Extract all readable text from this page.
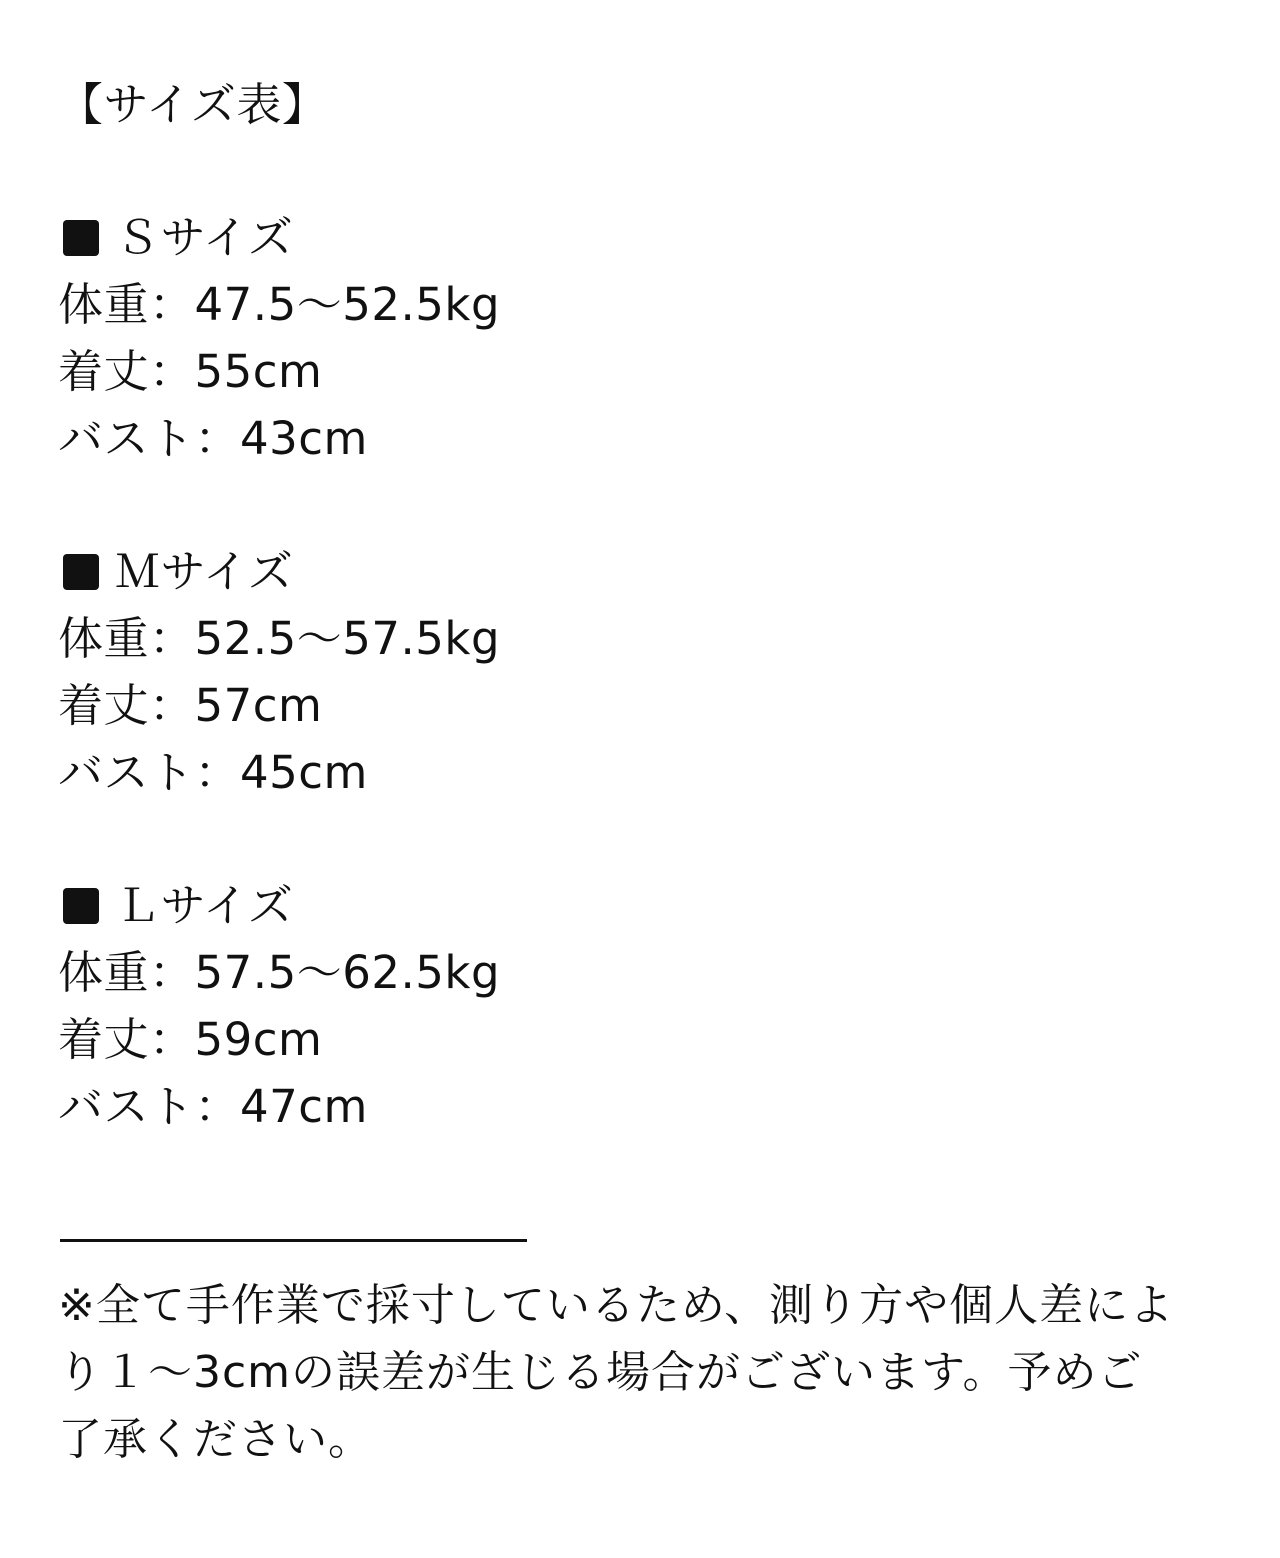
【サイズ表】
Ｓサイズ
体重：47.5～52.5kg
着丈：55cm
バスト：43cm
Ｍサイズ
体重：52.5～57.5kg
着丈：57cm
バスト：45cm
Ｌサイズ
体重：57.5～62.5kg
着丈：59cm
バスト：47cm
※全て手作業で採寸しているため、測り方や個人差によ
り１～3cmの誤差が生じる場合がございます。予めご
了承ください。
